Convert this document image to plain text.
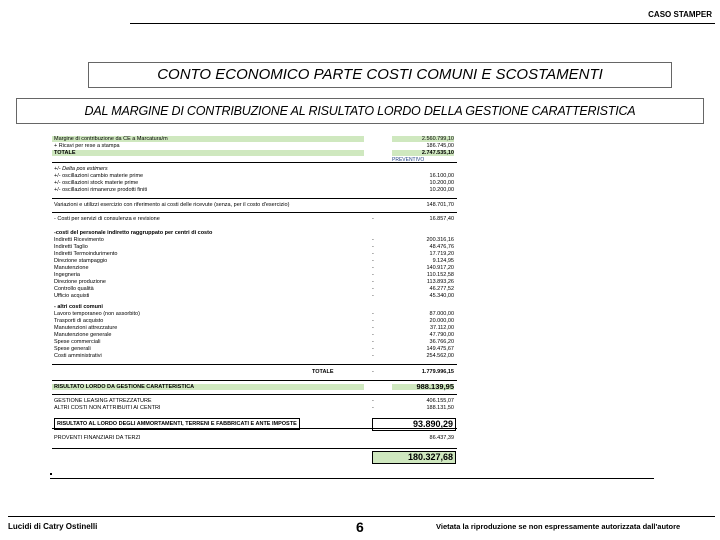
CASO STAMPER
CONTO ECONOMICO PARTE COSTI COMUNI E SCOSTAMENTI
DAL MARGINE DI CONTRIBUZIONE AL RISULTATO LORDO DELLA GESTIONE CARATTERISTICA
Margine di contribuzione da CE a Marcatura/m	2.560.799,10
+ Ricavi per rese a stampa	186.745,00
TOTALE	2.747.535,10
+/- Delta pos estimers
+/- oscillazioni cambio materie prime	16.100,00
+/- oscillazioni stock materie prime	10.200,00
+/- oscillazioni rimanenze prodotti finiti	10.200,00
Variazioni e utilizzi esercizio con riferimento ai costi delle ricevute (senza, per il costo d'esercizio)	148.701,70
- Costi per servizi di consulenza e revisione	-	16.857,40
-costi del personale indiretto raggruppato per centri di costo
Indiretti Ricevimento	-	200.316,16
Indiretti Taglio	-	48.476,76
Indiretti Termoindurimento	-	17.719,20
Direzione stampaggio	-	9.124,95
Manutenzione	-	140.917,20
Ingegneria	-	110.152,58
Direzione produzione	-	113.893,26
Controllo qualità	-	46.277,52
Ufficio acquisti	-	45.340,00
- altri costi comuni
Lavoro temporaneo (non assorbito)	-	87.000,00
Trasporti di acquisto	-	20.000,00
Manutenzioni attrezzature	-	37.112,00
Manutenzione generale	-	47.790,00
Spese commerciali	-	36.766,20
Spese generali	-	149.475,67
Costi amministrativi	-	254.562,00
TOTALE	-	1.779.996,15
RISULTATO LORDO DA GESTIONE CARATTERISTICA	988.139,95
GESTIONE LEASING ATTREZZATURE	-	406.155,07
ALTRI COSTI NON ATTRIBUITI AI CENTRI	-	188.131,50
RISULTATO AL LORDO DEGLI AMMORTAMENTI, TERRENI E FABBRICATI E ANTE IMPOSTE	93.890,29
PROVENTI FINANZIARI DA TERZI	86.437,39
180.327,68
PREVENTIVO
Lucidi di Catry Ostinelli	6	Vietata la riproduzione se non espressamente autorizzata dall'autore
